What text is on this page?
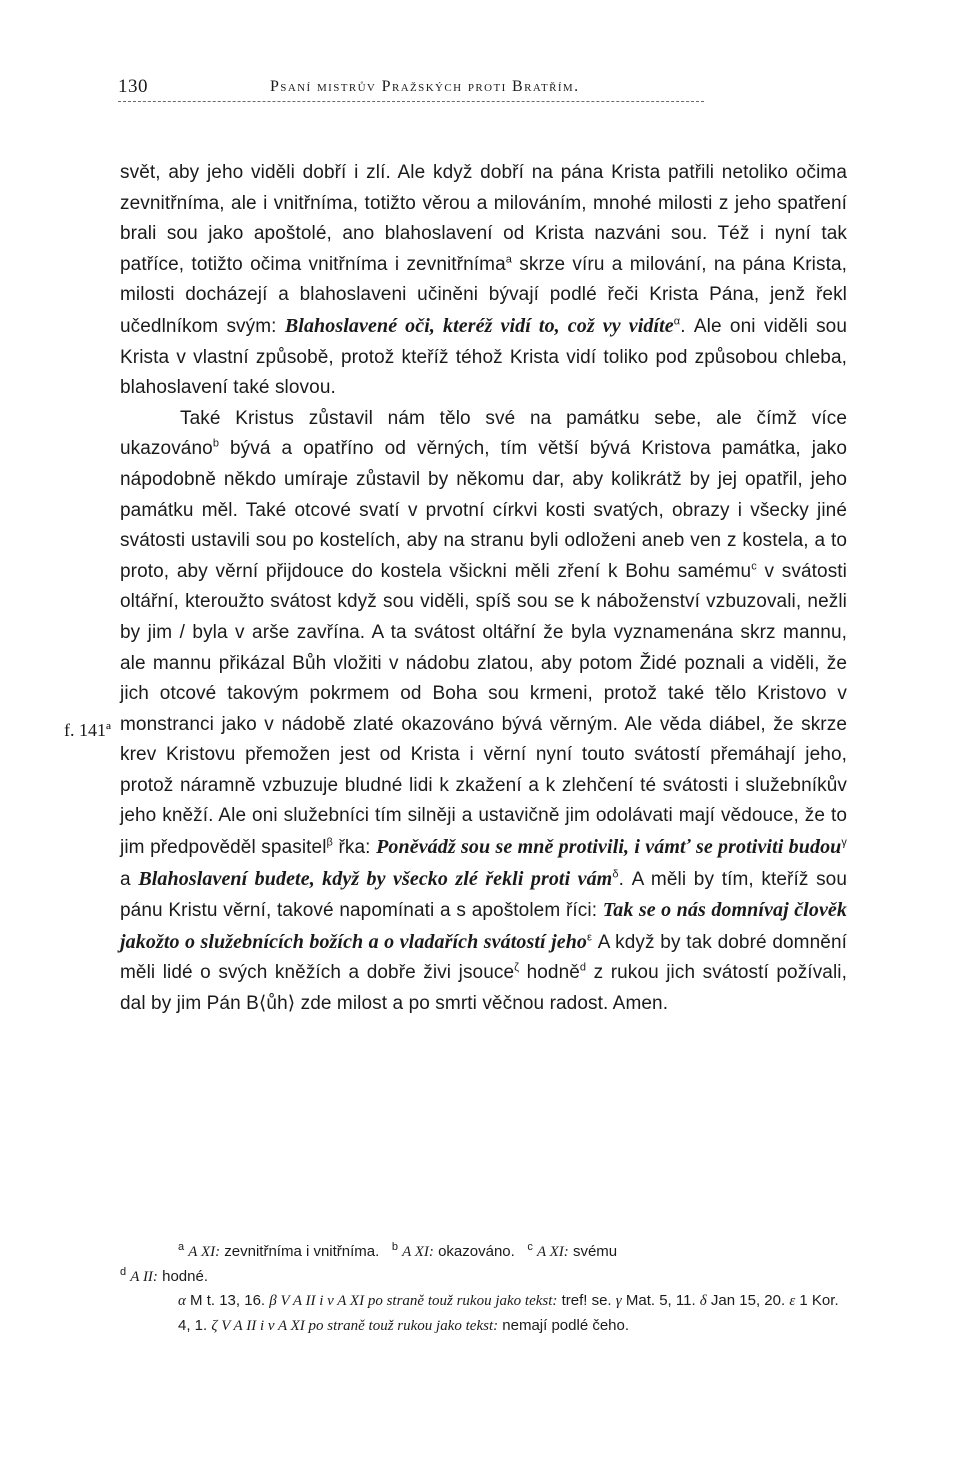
130	Psaní mistrův Pražských proti Bratřím.
f. 141ª

svět, aby jeho viděli dobří i zlí. Ale když dobří na pána Krista patřili netoliko očima zevnitřníma, ale i vnitřníma, totižto věrou a milováním, mnohé milosti z jeho spatření brali sou jako apoštolé, ano blahoslavení od Krista nazváni sou. Též i nyní tak patříce, totižto očima vnitřníma i zevnitřníma$^a$ skrze víru a milování, na pána Krista, milosti docházejí a blahoslaveni učiněni bývají podlé řeči Krista Pána, jenž řekl učedlníkom svým: Blahoslavené oči, kteréž vidí to, což vy vidíte$^\alpha$. Ale oni viděli sou Krista v vlastní způsobě, protož kteříž téhož Krista vidí toliko pod způsobou chleba, blahoslavení také slovou.

Také Kristus zůstavil nám tělo své na památku sebe, ale čímž více ukazováno$^b$ bývá a opatříno od věrných, tím větší bývá Kristova památka, jako nápodobně někdo umíraje zůstavil by někomu dar, aby kolikrátž by jej opatřil, jeho památku měl. Také otcové svatí v prvotní církvi kosti svatých, obrazy i všecky jiné svátosti ustavili sou po kostelích, aby na stranu byli odloženi aneb ven z kostela, a to proto, aby věrní přijdouce do kostela všickni měli zření k Bohu samému$^c$ v svátosti oltářní, kteroužto svátost když sou viděli, spíš sou se k náboženství vzbuzovali, nežli by jim / byla v arše zavřína. A ta svátost oltářní že byla vyznamenána skrz mannu, ale mannu přikázal Bůh vložiti v nádobu zlatou, aby potom Židé poznali a viděli, že jich otcové takovým pokrmem od Boha sou krmeni, protož také tělo Kristovo v monstranci jako v nádobě zlaté okazováno bývá věrným. Ale věda diábel, že skrze krev Kristovu přemožen jest od Krista i věrní nyní touto svátostí přemáhají jeho, protož náramně vzbuzuje bludné lidi k zkažení a k zlehčení té svátosti i služebníkův jeho kněží. Ale oni služebníci tím silněji a ustavičně jim odolávati mají vědouce, že to jim předpověděl spasitel$^\beta$ řka: Poněvádž sou se mně protivili, i vámť se protiviti budou$^\gamma$ a Blahoslavení budete, když by všecko zlé řekli proti vám$^\delta$. A měli by tím, kteříž sou pánu Kristu věrní, takové napomínati a s apoštolem říci: Tak se o nás domnívaj člověk jakožto o služebnících božích a o vladařích svátostí jeho$^\varepsilon$ A když by tak dobré domnění měli lidé o svých kněžích a dobře živi jsouce$^\zeta$ hodně$^d$ z rukou jich svátostí požívali, dal by jim Pán B⟨ůh⟩ zde milost a po smrti věčnou radost. Amen.

$^a$ A XI: zevnitřníma i vnitřníma. $^b$ A XI: okazováno. $^c$ A XI: svému

$^d$ A II: hodné.

α M t. 13, 16. β V A II i v A XI po straně touž rukou jako tekst: tref! se. γ Mat. 5, 11. δ Jan 15, 20. ε 1 Kor. 4, 1. ζ V A II i v A XI po straně touž rukou jako tekst: nemají podlé čeho.
